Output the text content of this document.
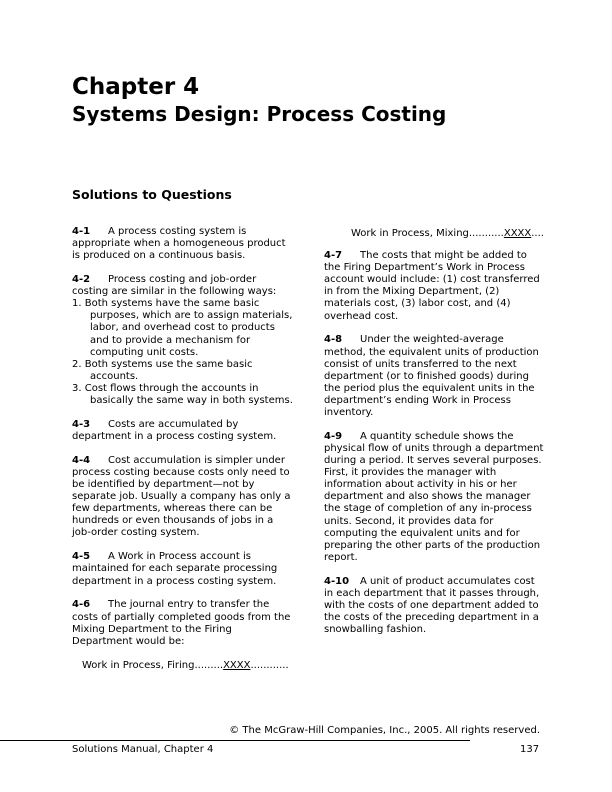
Chapter 4
Systems Design: Process Costing
Solutions to Questions

4-1 A process costing system is appropriate when a homogeneous product is produced on a continuous basis.

4-2 Process costing and job-order costing are similar in the following ways:

1. Both systems have the same basic purposes, which are to assign materials, labor, and overhead cost to products and to provide a mechanism for computing unit costs.
2. Both systems use the same basic accounts.
3. Cost flows through the accounts in basically the same way in both systems.

4-3 Costs are accumulated by department in a process costing system.

4-4 Cost accumulation is simpler under process costing because costs only need to be identified by department—not by separate job. Usually a company has only a few departments, whereas there can be hundreds or even thousands of jobs in a job-order costing system.

4-5 A Work in Process account is maintained for each separate processing department in a process costing system.

4-6 The journal entry to transfer the costs of partially completed goods from the Mixing Department to the Firing Department would be:

Work in Process, Firing.........XXXX............
Work in Process, Mixing...........XXXX....

4-7 The costs that might be added to the Firing Department’s Work in Process account would include: (1) cost transferred in from the Mixing Department, (2) materials cost, (3) labor cost, and (4) overhead cost.

4-8 Under the weighted-average method, the equivalent units of production consist of units transferred to the next department (or to finished goods) during the period plus the equivalent units in the department’s ending Work in Process inventory.

4-9 A quantity schedule shows the physical flow of units through a department during a period. It serves several purposes. First, it provides the manager with information about activity in his or her department and also shows the manager the stage of completion of any in-process units. Second, it provides data for computing the equivalent units and for preparing the other parts of the production report.

4-10 A unit of product accumulates cost in each department that it passes through, with the costs of one department added to the costs of the preceding department in a snowballing fashion.

© The McGraw-Hill Companies, Inc., 2005. All rights reserved.
Solutions Manual, Chapter 4	137
